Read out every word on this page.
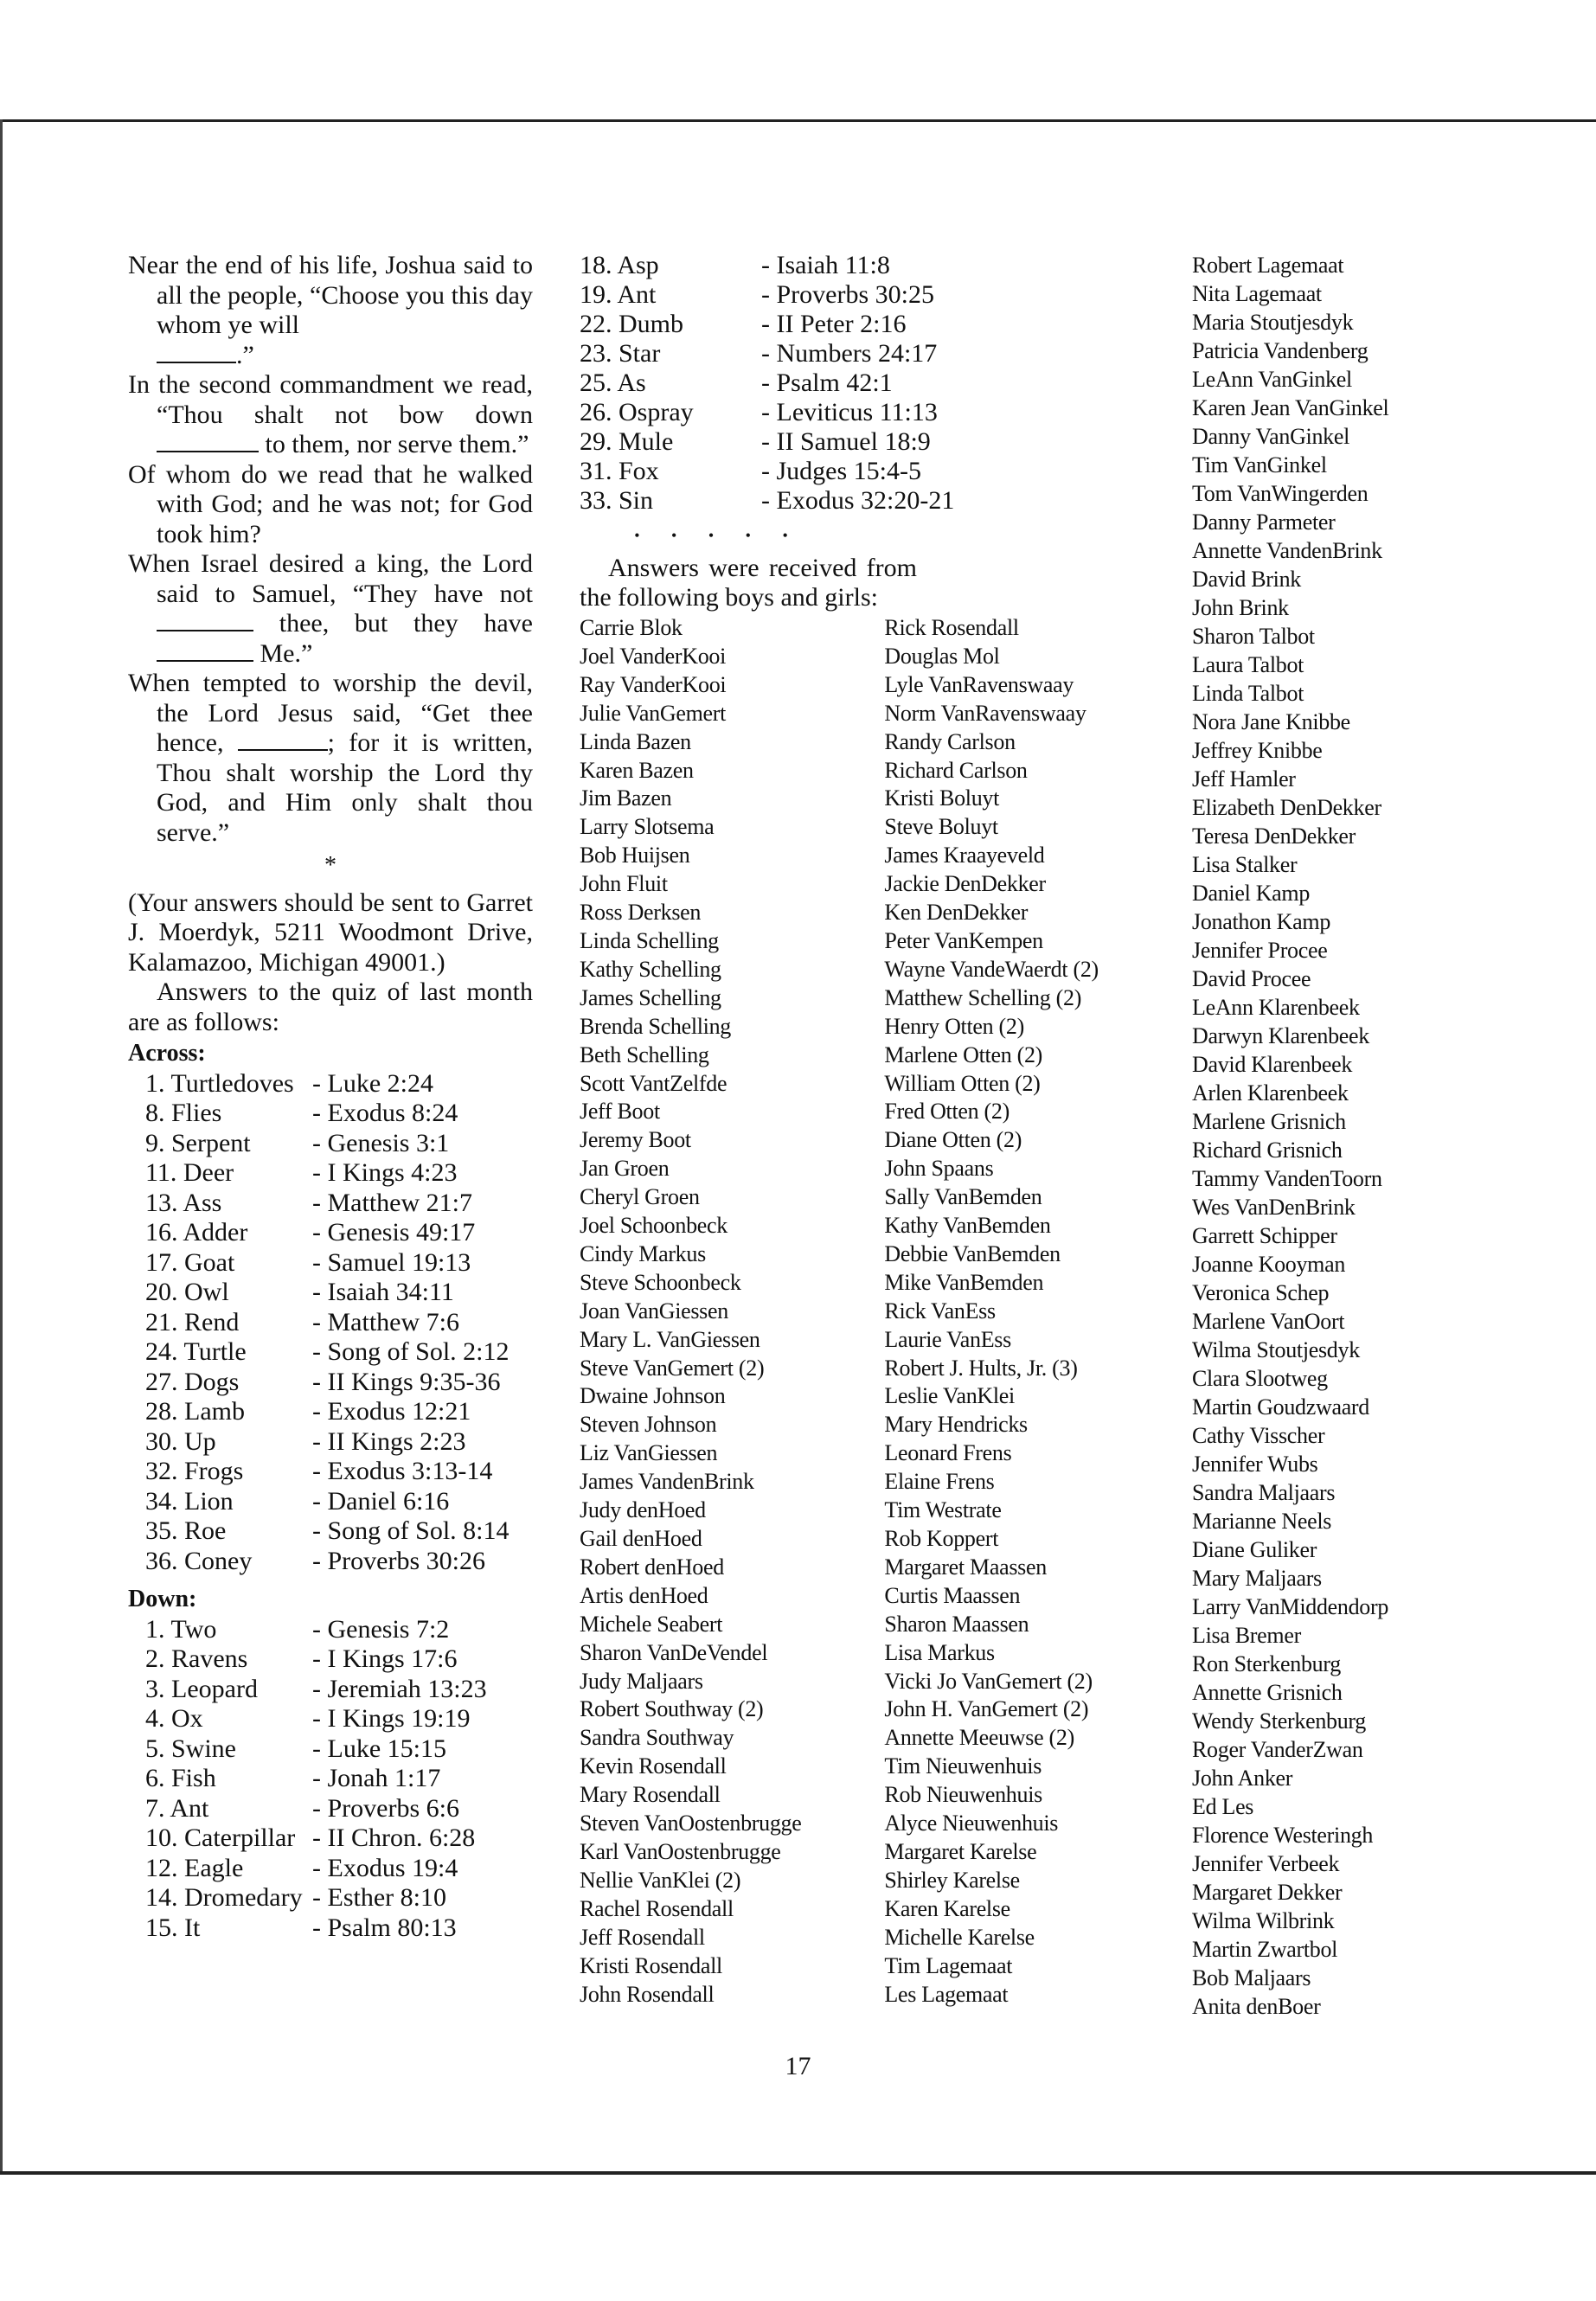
Near the end of his life, Joshua said to all the people, “Choose you this day whom ye will
.”

In the second commandment we read, “Thou shalt not bow down  to them, nor serve them.”

Of whom do we read that he walked with God; and he was not; for God took him?

When Israel desired a king, the Lord said to Samuel, “They have not  thee, but they have  Me.”

When tempted to worship the devil, the Lord Jesus said, “Get thee hence,	; for it is written, Thou shalt worship the Lord thy God, and Him only shalt thou serve.”

*

(Your answers should be sent to Garret J. Moerdyk, 5211 Woodmont Drive, Kalamazoo, Michigan 49001.)

Answers to the quiz of last month are as follows:

Across:
1. Turtledoves - Luke 2:24
8. Flies	- Exodus 8:24
9. Serpent	- Genesis 3:1
11. Deer	- I Kings 4:23
13. Ass	- Matthew 21:7
16. Adder	- Genesis 49:17
17. Goat	- Samuel 19:13
20. Owl	- Isaiah 34:11
21. Rend	- Matthew 7:6
24. Turtle	- Song of Sol. 2:12
27. Dogs	- II Kings 9:35-36
28. Lamb	- Exodus 12:21
30. Up	- II Kings 2:23
32. Frogs	- Exodus 3:13-14
34. Lion	- Daniel 6:16
35. Roe	- Song of Sol. 8:14
36. Coney	- Proverbs 30:26
Down:
1. Two	- Genesis 7:2
2. Ravens	- I Kings 17:6
3. Leopard	- Jeremiah 13:23
4. Ox	- I Kings 19:19
5. Swine	- Luke 15:15
6. Fish	- Jonah 1:17
7. Ant	- Proverbs 6:6
10. Caterpillar - II Chron. 6:28
12. Eagle	- Exodus 19:4
14. Dromedary - Esther 8:10
15. It	- Psalm 80:13
18. Asp	- Isaiah 11:8
19. Ant	- Proverbs 30:25
22. Dumb	- II Peter 2:16
23. Star	- Numbers 24:17
25. As	- Psalm 42:1
26. Ospray	- Leviticus 11:13
29. Mule	- II Samuel 18:9
31. Fox	- Judges 15:4-5
33. Sin	- Exodus 32:20-21
• • • • •

Answers were received from the following boys and girls:

Carrie Blok
Joel VanderKooi
Ray VanderKooi
Julie VanGemert
Linda Bazen
Karen Bazen
Jim Bazen
Larry Slotsema
Bob Huijsen
John Fluit
Ross Derksen
Linda Schelling
Kathy Schelling
James Schelling
Brenda Schelling
Beth Schelling
Scott VantZelfde
Jeff Boot
Jeremy Boot
Jan Groen
Cheryl Groen
Joel Schoonbeck
Cindy Markus
Steve Schoonbeck
Joan VanGiessen
Mary L. VanGiessen
Steve VanGemert (2)
Dwaine Johnson
Steven Johnson
Liz VanGiessen
James VandenBrink
Judy denHoed
Gail denHoed
Robert denHoed
Artis denHoed
Michele Seabert
Sharon VanDeVendel
Judy Maljaars
Robert Southway (2)
Sandra Southway
Kevin Rosendall
Mary Rosendall
Steven VanOostenbrugge
Karl VanOostenbrugge
Nellie VanKlei (2)
Rachel Rosendall
Jeff Rosendall
Kristi Rosendall
John Rosendall
Rick Rosendall
Douglas Mol
Lyle VanRavenswaay
Norm VanRavenswaay
Randy Carlson
Richard Carlson
Kristi Boluyt
Steve Boluyt
James Kraayeveld
Jackie DenDekker
Ken DenDekker
Peter VanKempen
Wayne VandeWaerdt (2)
Matthew Schelling (2)
Henry Otten (2)
Marlene Otten (2)
William Otten (2)
Fred Otten (2)
Diane Otten (2)
John Spaans
Sally VanBemden
Kathy VanBemden
Debbie VanBemden
Mike VanBemden
Rick VanEss
Laurie VanEss
Robert J. Hults, Jr. (3)
Leslie VanKlei
Mary Hendricks
Leonard Frens
Elaine Frens
Tim Westrate
Rob Koppert
Margaret Maassen
Curtis Maassen
Sharon Maassen
Lisa Markus
Vicki Jo VanGemert (2)
John H. VanGemert (2)
Annette Meeuwse (2)
Tim Nieuwenhuis
Rob Nieuwenhuis
Alyce Nieuwenhuis
Margaret Karelse
Shirley Karelse
Karen Karelse
Michelle Karelse
Tim Lagemaat
Les Lagemaat
Robert Lagemaat
Nita Lagemaat
Maria Stoutjesdyk
Patricia Vandenberg
LeAnn VanGinkel
Karen Jean VanGinkel
Danny VanGinkel
Tim VanGinkel
Tom VanWingerden
Danny Parmeter
Annette VandenBrink
David Brink
John Brink
Sharon Talbot
Laura Talbot
Linda Talbot
Nora Jane Knibbe
Jeffrey Knibbe
Jeff Hamler
Elizabeth DenDekker
Teresa DenDekker
Lisa Stalker
Daniel Kamp
Jonathon Kamp
Jennifer Procee
David Procee
LeAnn Klarenbeek
Darwyn Klarenbeek
David Klarenbeek
Arlen Klarenbeek
Marlene Grisnich
Richard Grisnich
Tammy VandenToorn
Wes VanDenBrink
Garrett Schipper
Joanne Kooyman
Veronica Schep
Marlene VanOort
Wilma Stoutjesdyk
Clara Slootweg
Martin Goudzwaard
Cathy Visscher
Jennifer Wubs
Sandra Maljaars
Marianne Neels
Diane Guliker
Mary Maljaars
Larry VanMiddendorp
Lisa Bremer
Ron Sterkenburg
Annette Grisnich
Wendy Sterkenburg
Roger VanderZwan
John Anker
Ed Les
Florence Westeringh
Jennifer Verbeek
Margaret Dekker
Wilma Wilbrink
Martin Zwartbol
Bob Maljaars
Anita denBoer
17
